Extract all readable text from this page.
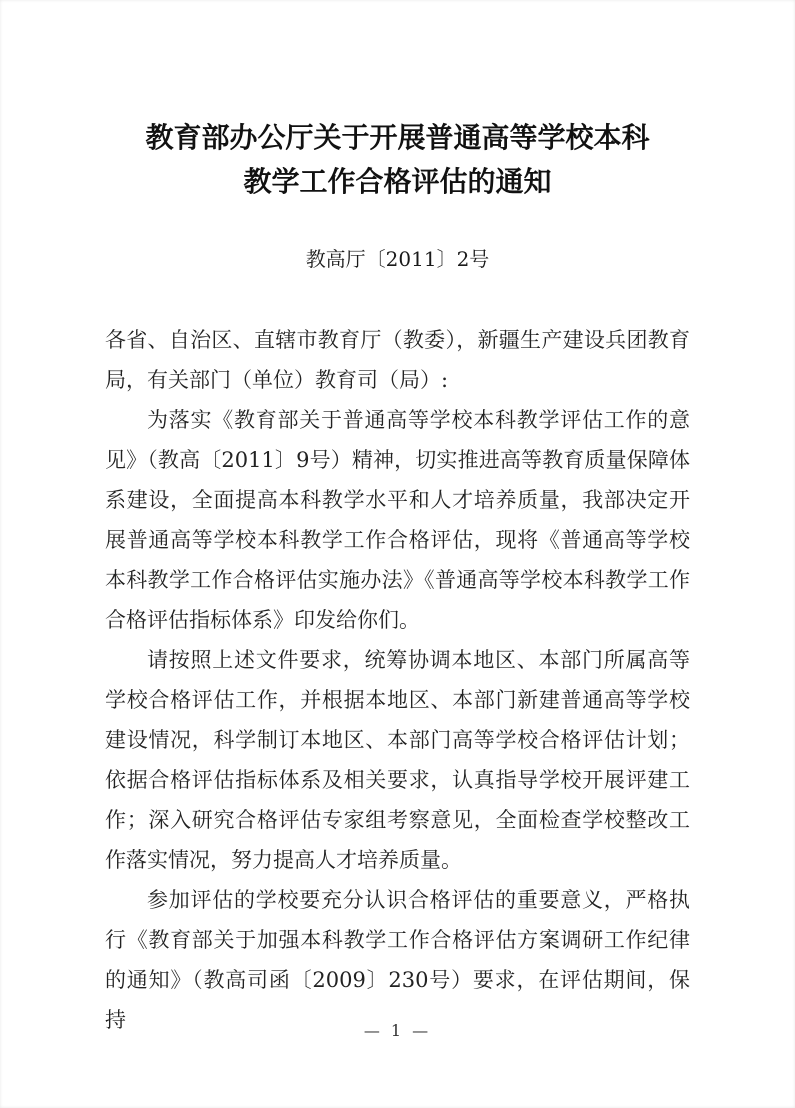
教育部办公厅关于开展普通高等学校本科
教学工作合格评估的通知
教高厅〔2011〕2号
各省、自治区、直辖市教育厅（教委），新疆生产建设兵团教育
局，有关部门（单位）教育司（局）:
为落实《教育部关于普通高等学校本科教学评估工作的意
见》（教高〔2011〕9号）精神，切实推进高等教育质量保障体
系建设，全面提高本科教学水平和人才培养质量，我部决定开
展普通高等学校本科教学工作合格评估，现将《普通高等学校
本科教学工作合格评估实施办法》《普通高等学校本科教学工作
合格评估指标体系》印发给你们。
请按照上述文件要求，统筹协调本地区、本部门所属高等
学校合格评估工作，并根据本地区、本部门新建普通高等学校
建设情况，科学制订本地区、本部门高等学校合格评估计划；
依据合格评估指标体系及相关要求，认真指导学校开展评建工
作；深入研究合格评估专家组考察意见，全面检查学校整改工
作落实情况，努力提高人才培养质量。
参加评估的学校要充分认识合格评估的重要意义，严格执
行《教育部关于加强本科教学工作合格评估方案调研工作纪律
的通知》（教高司函〔2009〕230号）要求，在评估期间，保持	— 1 —
